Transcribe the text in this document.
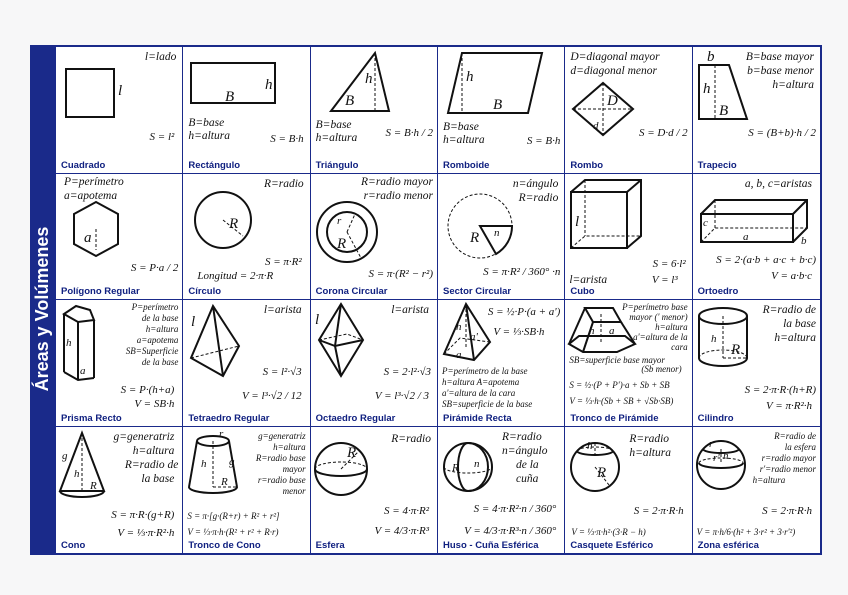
Áreas y Volúmenes
l
l=lado
S = l²
Cuadrado
B
h
B=base
h=altura	S = B·h
Rectángulo
B
h
B=base
h=altura	S = B·h / 2
Triángulo
B
h
B=base
h=altura	S = B·h
Romboide
D
d
D=diagonal mayor
d=diagonal menor
S = D·d / 2
Rombo
b
h
B
B=base mayor
b=base menor
h=altura
S = (B+b)·h / 2
Trapecio
a
P=perímetro
a=apotema
S = P·a / 2
Polígono Regular
R
R=radio
S = π·R²
Longitud = 2·π·R
Círculo
r
R
R=radio mayor
r=radio menor
S = π·(R² − r²)
Corona Circular
R n
n=ángulo
R=radio
S = π·R² / 360° ·n
Sector Circular
l
S = 6·l²
l=arista	V = l³
Cubo
c
a	b
a, b, c=aristas
S = 2·(a·b + a·c + b·c)
V = a·b·c
Ortoedro
h
a
P=perímetro
de la base
h=altura
a=apotema
SB=Superficie
de la base
S = P·(h+a)
V = SB·h
Prisma Recto
l
l=arista
S = l²·√3
V = l³·√2 / 12
Tetraedro Regular
l
l=arista
S = 2·l²·√3
V = l³·√2 / 3
Octaedro Regular
h
a'
a
S = ½·P·(a + a')
V = ⅓·SB·h
P=perímetro de la base
h=altura A=apotema
a'=altura de la cara
SB=superficie de la base
Pirámide Recta
h a
P=perímetro base
mayor (' menor)
h=altura
a'=altura de la
cara
SB=superficie base mayor
(Sb menor)
S = ½·(P + P')·a + Sb + SB
V = ⅓·h·(Sb + SB + √Sb·SB)
Tronco de Pirámide
h
R
R=radio de
la base
h=altura
S = 2·π·R·(h+R)
V = π·R²·h
Cilindro
g
h
R
g=generatriz
h=altura
R=radio de
la base
S = π·R·(g+R)
V = ⅓·π·R²·h
Cono
r
h g
R
g=generatriz
h=altura
R=radio base
mayor
r=radio base
menor
S = π·[g·(R+r) + R² + r²]
V = ⅓·π·h·(R² + r² + R·r)
Tronco de Cono
R
R=radio
S = 4·π·R²
V = 4/3·π·R³
Esfera
R n
R=radio
n=ángulo
de la
cuña
S = 4·π·R²·n / 360°
V = 4/3·π·R³·n / 360°
Huso - Cuña Esférica
h
R
R=radio
h=altura
S = 2·π·R·h
V = ⅓·π·h²·(3·R − h)
Casquete Esférico
r
h
r'
R=radio de
la esfera
r=radio mayor
r'=radio menor
h=altura
S = 2·π·R·h
V = π·h/6·(h² + 3·r² + 3·r'²)
Zona esférica
